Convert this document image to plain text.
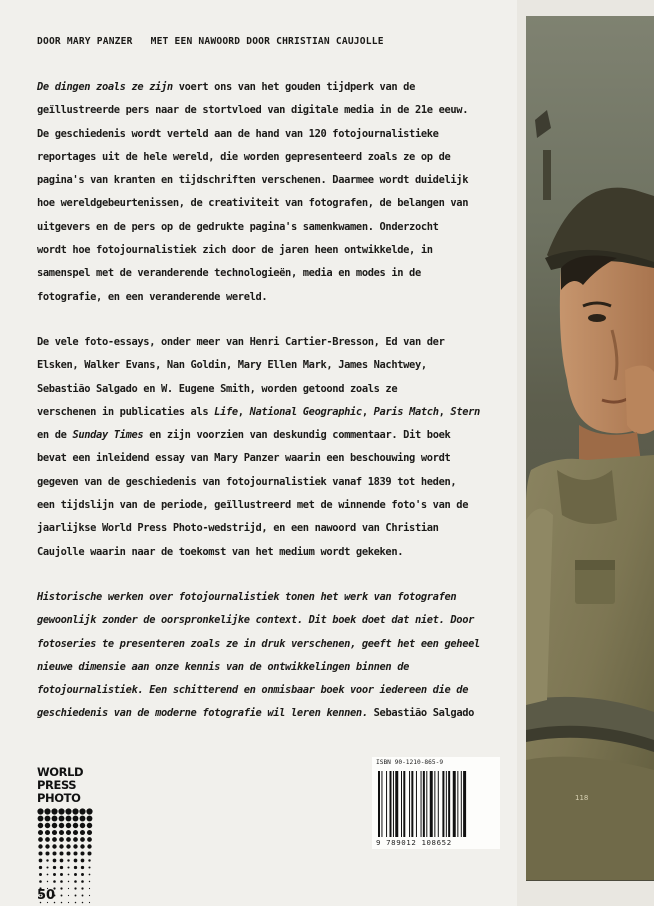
DOOR MARY PANZER MET EEN NAWOORD DOOR CHRISTIAN CAUJOLLE

De dingen zoals ze zijn voert ons van het gouden tijdperk van de
geïllustreerde pers naar de stortvloed van digitale media in de 21e eeuw.
De geschiedenis wordt verteld aan de hand van 120 fotojournalistieke
reportages uit de hele wereld, die worden gepresenteerd zoals ze op de
pagina's van kranten en tijdschriften verschenen. Daarmee wordt duidelijk
hoe wereldgebeurtenissen, de creativiteit van fotografen, de belangen van
uitgevers en de pers op de gedrukte pagina's samenkwamen. Onderzocht
wordt hoe fotojournalistiek zich door de jaren heen ontwikkelde, in
samenspel met de veranderende technologieën, media en modes in de
fotografie, en een veranderende wereld.

De vele foto-essays, onder meer van Henri Cartier-Bresson, Ed van der
Elsken, Walker Evans, Nan Goldin, Mary Ellen Mark, James Nachtwey,
Sebastião Salgado en W. Eugene Smith, worden getoond zoals ze
verschenen in publicaties als Life, National Geographic, Paris Match, Stern
en de Sunday Times en zijn voorzien van deskundig commentaar. Dit boek
bevat een inleidend essay van Mary Panzer waarin een beschouwing wordt
gegeven van de geschiedenis van fotojournalistiek vanaf 1839 tot heden,
een tijdslijn van de periode, geïllustreerd met de winnende foto's van de
jaarlijkse World Press Photo-wedstrijd, en een nawoord van Christian
Caujolle waarin naar de toekomst van het medium wordt gekeken.

Historische werken over fotojournalistiek tonen het werk van fotografen
gewoonlijk zonder de oorspronkelijke context. Dit boek doet dat niet. Door
fotoseries te presenteren zoals ze in druk verschenen, geeft het een geheel
nieuwe dimensie aan onze kennis van de ontwikkelingen binnen de
fotojournalistiek. Een schitterend en onmisbaar boek voor iedereen die de
geschiedenis van de moderne fotografie wil leren kennen. Sebastião Salgado

118
WORLD
PRESS
PHOTO
50
ISBN 90-1210-865-9
9 789012 108652
